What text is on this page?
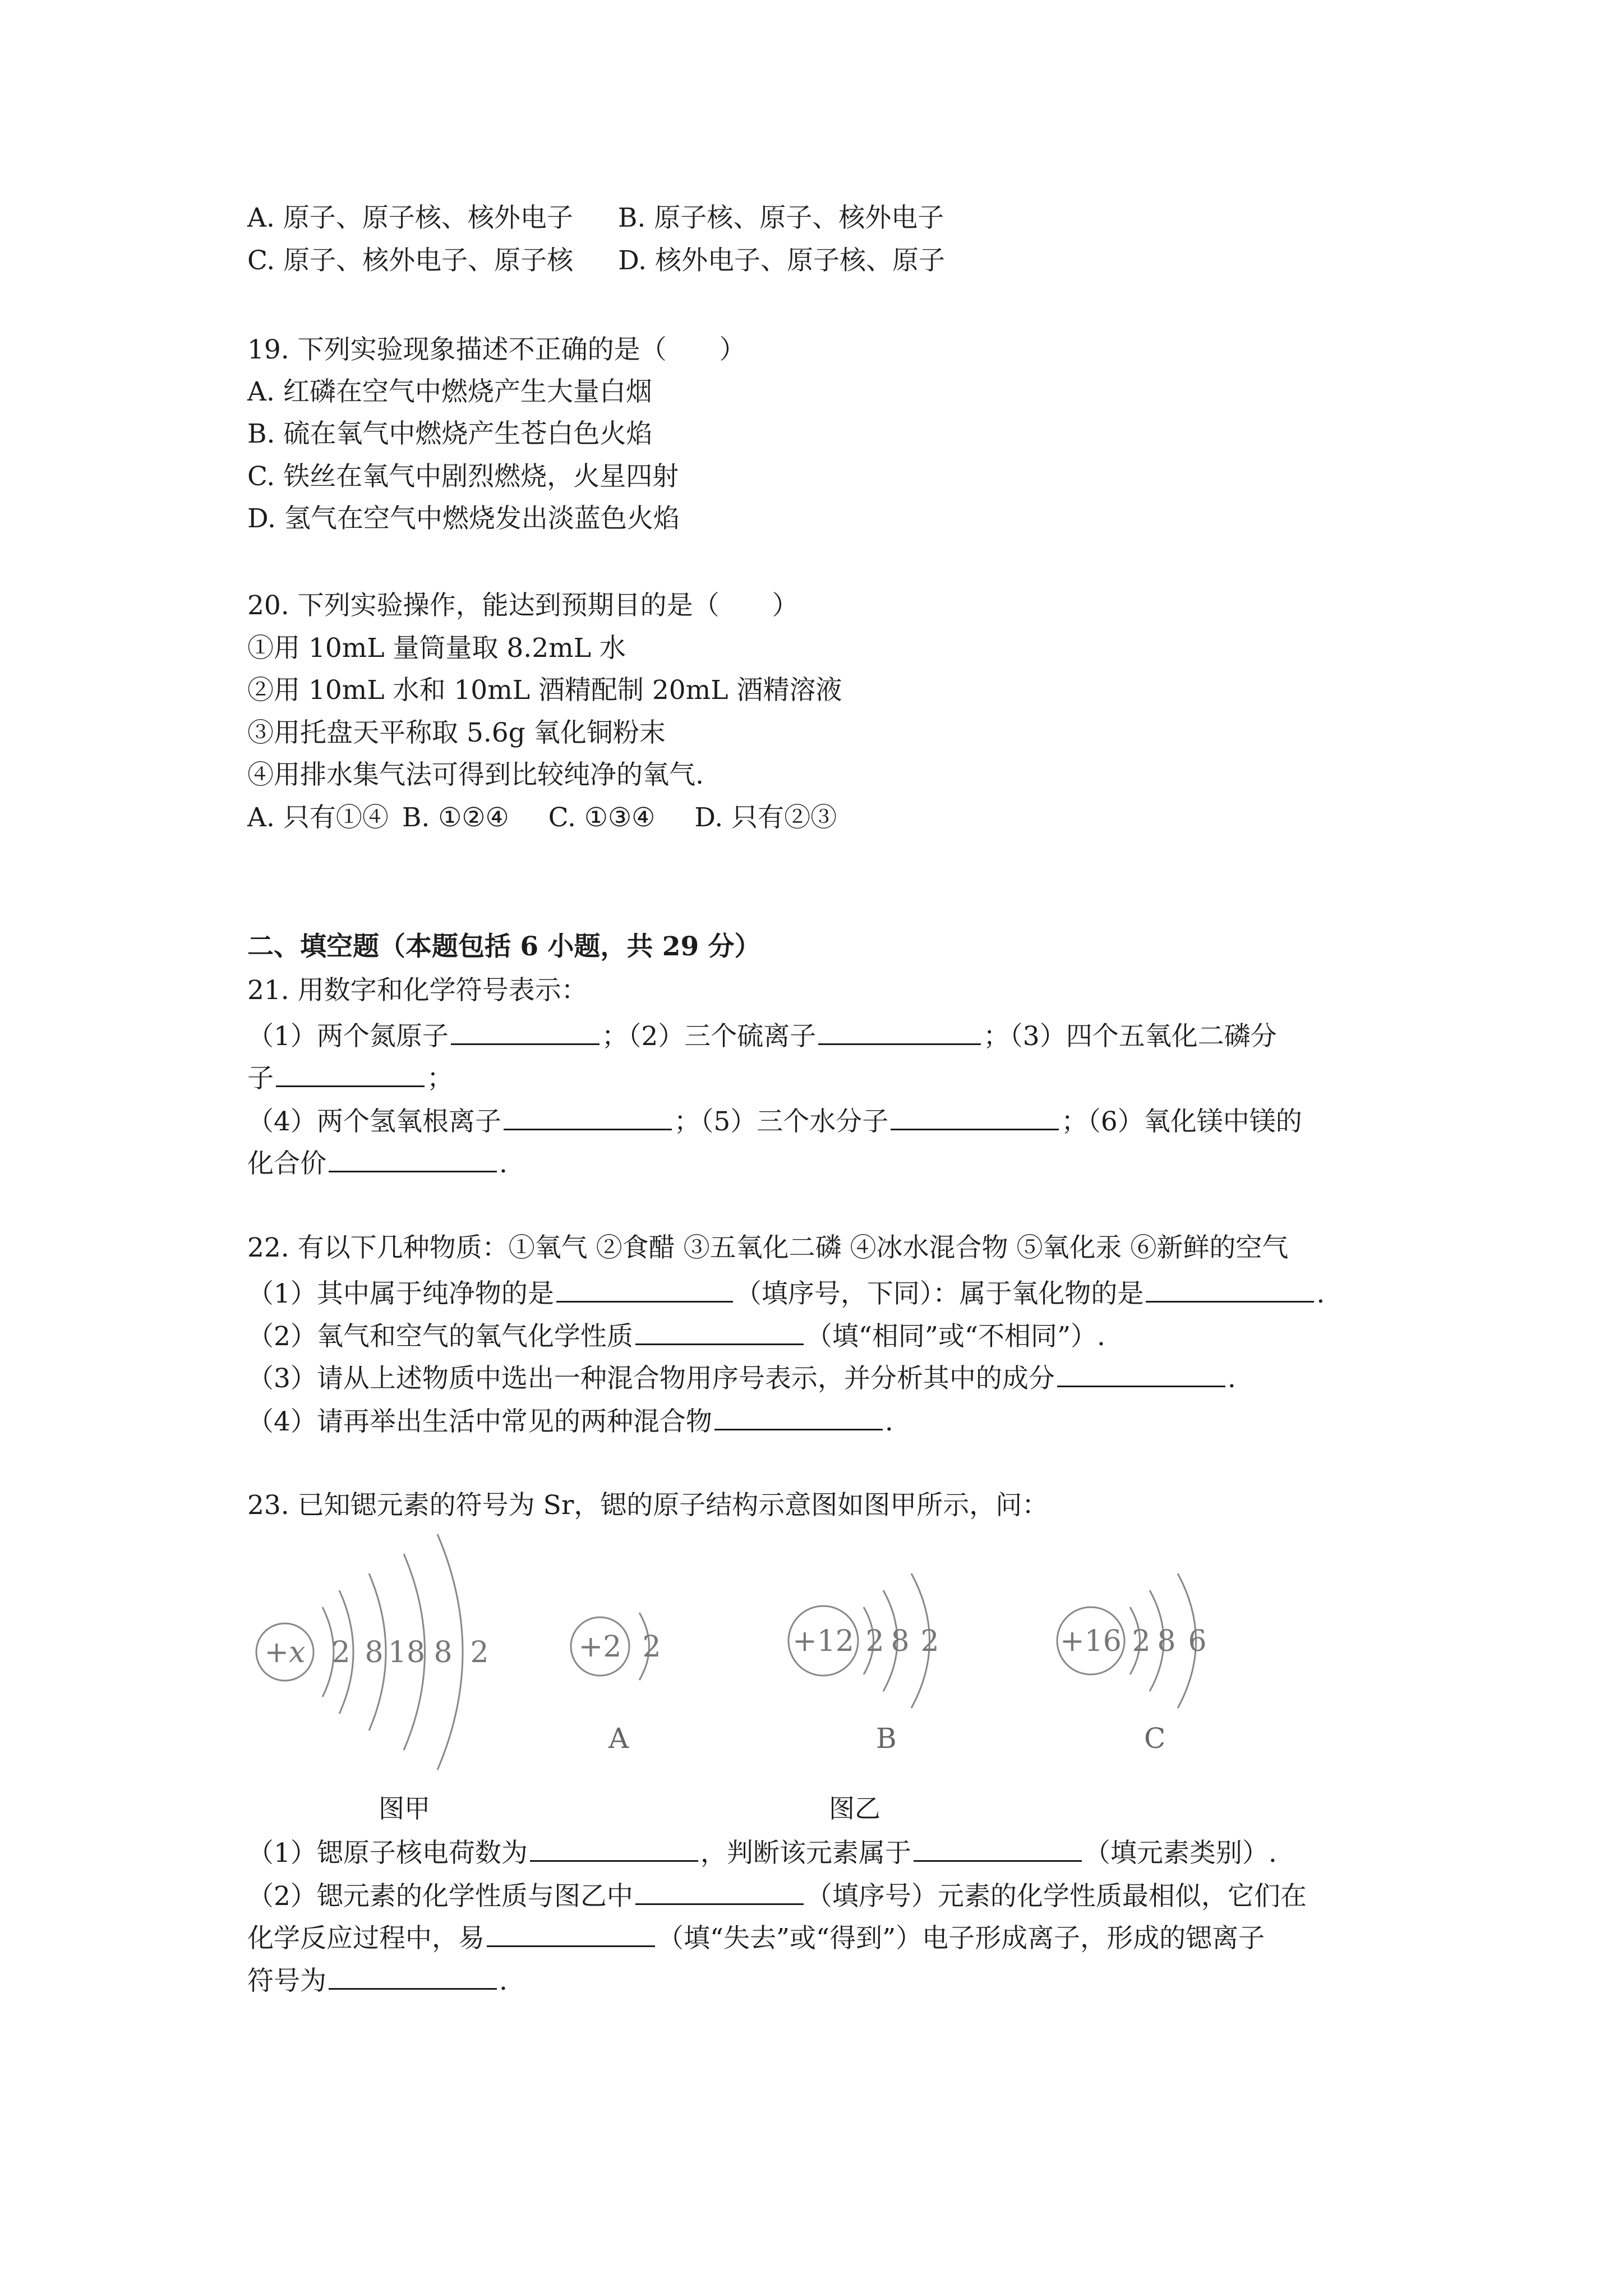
A. 原子、原子核、核外电子 B. 原子核、原子、核外电子
C. 原子、核外电子、原子核 D. 核外电子、原子核、原子
19. 下列实验现象描述不正确的是（　　）
A. 红磷在空气中燃烧产生大量白烟
B. 硫在氧气中燃烧产生苍白色火焰
C. 铁丝在氧气中剧烈燃烧，火星四射
D. 氢气在空气中燃烧发出淡蓝色火焰
20. 下列实验操作，能达到预期目的是（　　）
①用 10mL 量筒量取 8.2mL 水
②用 10mL 水和 10mL 酒精配制 20mL 酒精溶液
③用托盘天平称取 5.6g 氧化铜粉末
④用排水集气法可得到比较纯净的氧气.
A. 只有①④ B. ①②④ C. ①③④ D. 只有②③
二、填空题（本题包括 6 小题，共 29 分）
21. 用数字和化学符号表示：
（1）两个氮原子	；（2）三个硫离子	；（3）四个五氧化二磷分
子	；
（4）两个氢氧根离子	；（5）三个水分子	；（6）氧化镁中镁的
化合价	.
22. 有以下几种物质：①氧气 ②食醋 ③五氧化二磷 ④冰水混合物 ⑤氧化汞 ⑥新鲜的空气
（1）其中属于纯净物的是	（填序号，下同）：属于氧化物的是	.
（2）氧气和空气的氧气化学性质	（填“相同”或“不相同”）.
（3）请从上述物质中选出一种混合物用序号表示，并分析其中的成分	.
（4）请再举出生活中常见的两种混合物	.
23. 已知锶元素的符号为 Sr，锶的原子结构示意图如图甲所示，问：
+x 2 8 18 8 2	+2 2	+12 2 8 2	+16 2 8 6
A	B	C
图甲	图乙
（1）锶原子核电荷数为	，判断该元素属于	（填元素类别）.
（2）锶元素的化学性质与图乙中	（填序号）元素的化学性质最相似，它们在
化学反应过程中，易	（填“失去”或“得到”）电子形成离子，形成的锶离子
符号为	.
